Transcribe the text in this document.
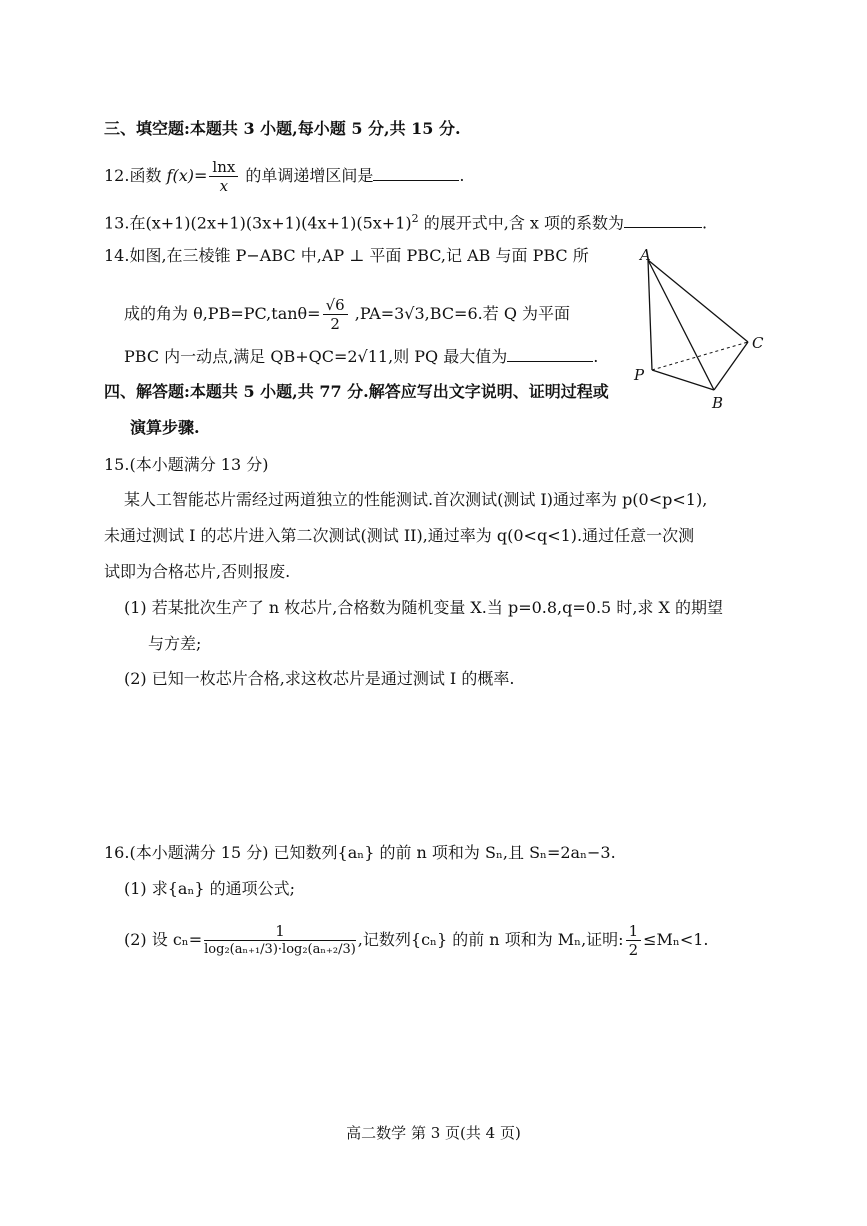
三、填空题:本题共 3 小题,每小题 5 分,共 15 分.
12.函数 $f(x)= \frac{\ln x}{x}$ 的单调递增区间是	.
13.在$(x+1)(2x+1)(3x+1)(4x+1)(5x+1)^2$ 的展开式中,含 x 项的系数为	.
14.如图,在三棱锥 P−ABC 中,AP ⊥ 平面 PBC,记 AB 与面 PBC 所
成的角为 $\theta,PB=PC,\tan\theta= \frac{√6}{2} ,PA=3√3,BC=6$.若 Q 为平面
PBC 内一动点,满足 QB+QC=2√11,则 PQ 最大值为	.
A
P
B
C
四、解答题:本题共 5 小题,共 77 分.解答应写出文字说明、证明过程或
演算步骤.
15.(本小题满分 13 分)
某人工智能芯片需经过两道独立的性能测试.首次测试(测试 I)通过率为 p(0<p<1),
未通过测试 I 的芯片进入第二次测试(测试 II),通过率为 q(0<q<1).通过任意一次测
试即为合格芯片,否则报废.
(1) 若某批次生产了 n 枚芯片,合格数为随机变量 X.当 p=0.8,q=0.5 时,求 X 的期望
与方差;
(2) 已知一枚芯片合格,求这枚芯片是通过测试 I 的概率.
16.(本小题满分 15 分) 已知数列{aₙ} 的前 n 项和为 Sₙ,且 Sₙ=2aₙ−3.
(1) 求{aₙ} 的通项公式;
(2) 设 $c_n= \frac{1}{\text{log₂(aₙ₊₁/3)·log₂(aₙ₊₂/3)}}$ ,记数列{cₙ} 的前 n 项和为 Mₙ,证明: $\frac{1}{2} \le M_n<1$.
高二数学 第 3 页(共 4 页)
